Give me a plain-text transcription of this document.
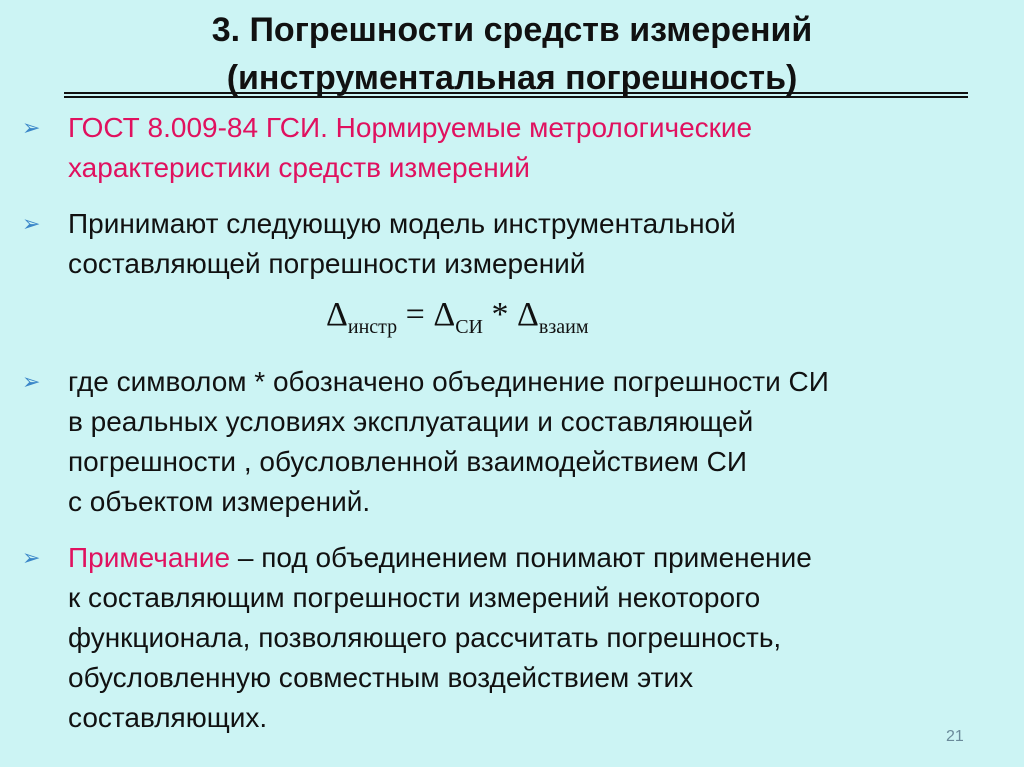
3. Погрешности средств измерений
(инструментальная погрешность)
➢ ГОСТ 8.009-84 ГСИ. Нормируемые метрологические
характеристики средств измерений
➢ Принимают следующую модель инструментальной
составляющей погрешности измерений
$\Delta_{инстр} = \Delta_{СИ} * \Delta_{взаим}$
➢ где символом * обозначено объединение погрешности СИ
в реальных условиях эксплуатации и составляющей
погрешности , обусловленной взаимодействием СИ
с объектом измерений.
➢ Примечание – под объединением понимают применение
к составляющим погрешности измерений некоторого
функционала, позволяющего рассчитать погрешность,
обусловленную совместным воздействием этих
составляющих.
21
